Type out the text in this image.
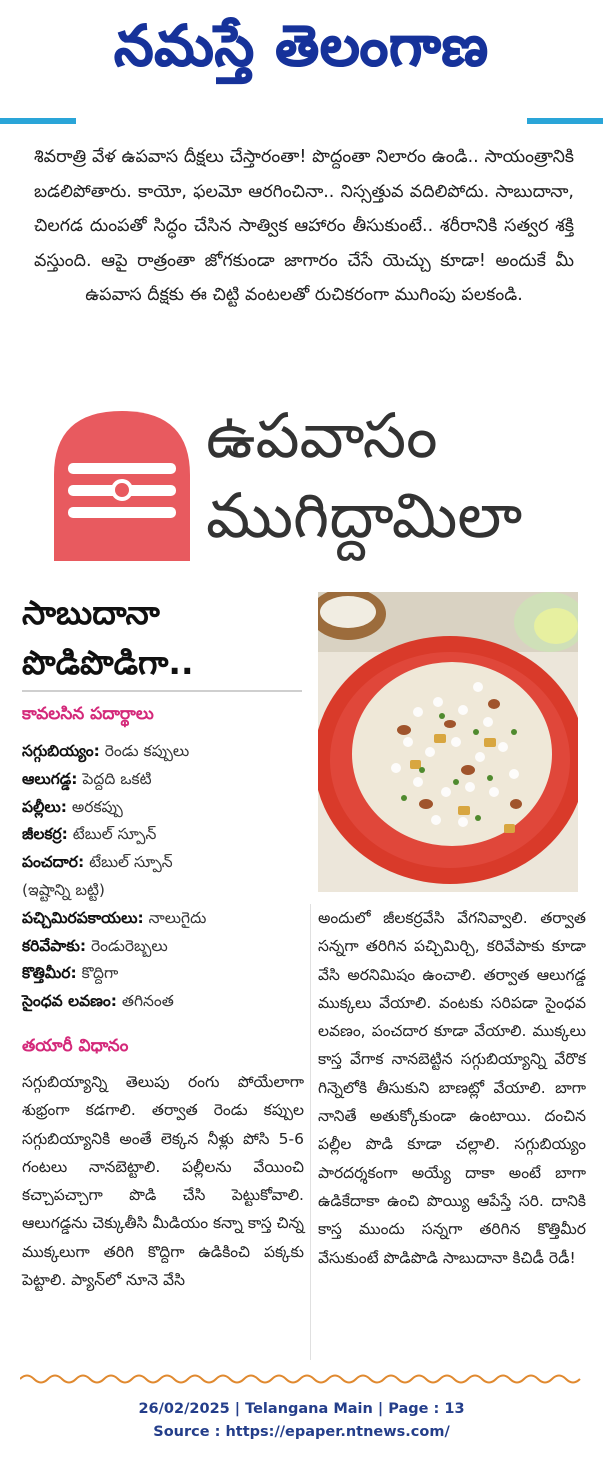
నమస్తే తెలంగాణ
శివరాత్రి వేళ ఉపవాస దీక్షలు చేస్తారంతా! పొద్దంతా నిలారం ఉండి.. సాయంత్రానికి బడలిపోతారు. కాయో, ఫలమో ఆరగించినా.. నిస్సత్తువ వదిలిపోదు. సాబుదానా, చిలగడ దుంపతో సిద్ధం చేసిన సాత్విక ఆహారం తీసుకుంటే.. శరీరానికి సత్వర శక్తి వస్తుంది. ఆపై రాత్రంతా జోగకుండా జాగారం చేసే యెచ్చు కూడా! అందుకే మీ ఉపవాస దీక్షకు ఈ చిట్టి వంటలతో రుచికరంగా ముగింపు పలకండి.
ఉపవాసం
ముగిద్దామిలా
సాబుదానా
పొడిపొడిగా..
కావలసిన పదార్థాలు
సగ్గుబియ్యం: రెండు కప్పులు
ఆలుగడ్డ: పెద్దది ఒకటి
పల్లీలు: అరకప్పు
జీలకర్ర: టేబుల్ స్పూన్
పంచదార: టేబుల్ స్పూన్
(ఇష్టాన్ని బట్టి)
పచ్చిమిరపకాయలు: నాలుగైదు
కరివేపాకు: రెండురెబ్బలు
కొత్తిమీర: కొద్దిగా
సైంధవ లవణం: తగినంత
తయారీ విధానం
సగ్గుబియ్యాన్ని తెలుపు రంగు పోయేలాగా శుభ్రంగా కడగాలి. తర్వాత రెండు కప్పుల సగ్గుబియ్యానికి అంతే లెక్కన నీళ్లు పోసి 5-6 గంటలు నానబెట్టాలి. పల్లీలను వేయించి కచ్చాపచ్చాగా పొడి చేసి పెట్టుకోవాలి. ఆలుగడ్డను చెక్కుతీసి మీడియం కన్నా కాస్త చిన్న ముక్కలుగా తరిగి కొద్దిగా ఉడికించి పక్కకు పెట్టాలి. ప్యాన్‌లో నూనె వేసి
అందులో జీలకర్రవేసి వేగనివ్వాలి. తర్వాత సన్నగా తరిగిన పచ్చిమిర్చి, కరివేపాకు కూడా వేసి అరనిమిషం ఉంచాలి. తర్వాత ఆలుగడ్డ ముక్కలు వేయాలి. వంటకు సరిపడా సైంధవ లవణం, పంచదార కూడా వేయాలి. ముక్కలు కాస్త వేగాక నానబెట్టిన సగ్గుబియ్యాన్ని వేరొక గిన్నెలోకి తీసుకుని బాణట్లో వేయాలి. బాగా నానితే అతుక్కోకుండా ఉంటాయి. దంచిన పల్లీల పొడి కూడా చల్లాలి. సగ్గుబియ్యం పారదర్శకంగా అయ్యే దాకా అంటే బాగా ఉడికేదాకా ఉంచి పొయ్యి ఆపేస్తే సరి. దానికి కాస్త ముందు సన్నగా తరిగిన కొత్తిమీర వేసుకుంటే పొడిపొడి సాబుదానా కిచిడీ రెడీ!
26/02/2025 | Telangana Main | Page : 13
Source : https://epaper.ntnews.com/
